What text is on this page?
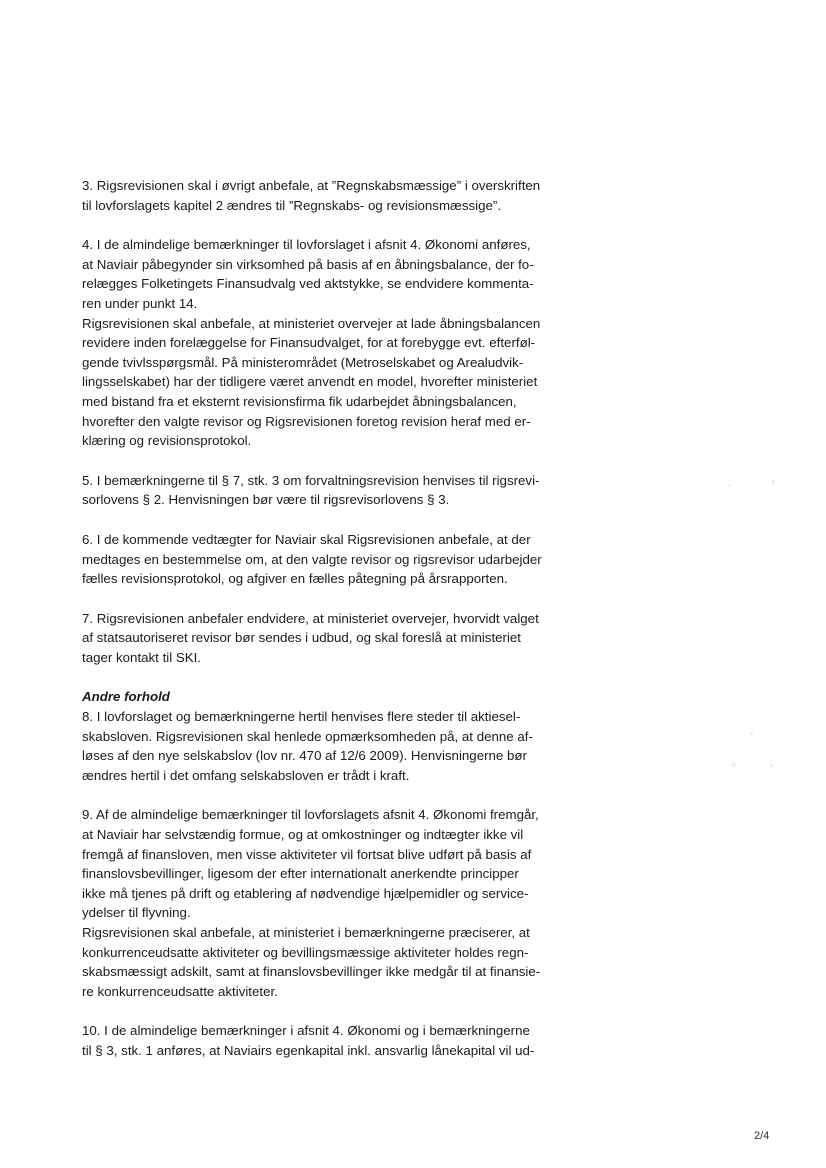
3. Rigsrevisionen skal i øvrigt anbefale, at ”Regnskabsmæssige” i overskriften
til lovforslagets kapitel 2 ændres til ”Regnskabs- og revisionsmæssige”.
4. I de almindelige bemærkninger til lovforslaget i afsnit 4. Økonomi anføres,
at Naviair påbegynder sin virksomhed på basis af en åbningsbalance, der fo-
relægges Folketingets Finansudvalg ved aktstykke, se endvidere kommenta-
ren under punkt 14.
Rigsrevisionen skal anbefale, at ministeriet overvejer at lade åbningsbalancen
revidere inden forelæggelse for Finansudvalget, for at forebygge evt. efterføl-
gende tvivlsspørgsmål. På ministerområdet (Metroselskabet og Arealudvik-
lingsselskabet) har der tidligere været anvendt en model, hvorefter ministeriet
med bistand fra et eksternt revisionsfirma fik udarbejdet åbningsbalancen,
hvorefter den valgte revisor og Rigsrevisionen foretog revision heraf med er-
klæring og revisionsprotokol.
5. I bemærkningerne til § 7, stk. 3 om forvaltningsrevision henvises til rigsrevi-
sorlovens § 2. Henvisningen bør være til rigsrevisorlovens § 3.
6. I de kommende vedtægter for Naviair skal Rigsrevisionen anbefale, at der
medtages en bestemmelse om, at den valgte revisor og rigsrevisor udarbejder
fælles revisionsprotokol, og afgiver en fælles påtegning på årsrapporten.
7. Rigsrevisionen anbefaler endvidere, at ministeriet overvejer, hvorvidt valget
af statsautoriseret revisor bør sendes i udbud, og skal foreslå at ministeriet
tager kontakt til SKI.
Andre forhold
8. I lovforslaget og bemærkningerne hertil henvises flere steder til aktiesel-
skabsloven. Rigsrevisionen skal henlede opmærksomheden på, at denne af-
løses af den nye selskabslov (lov nr. 470 af 12/6 2009). Henvisningerne bør
ændres hertil i det omfang selskabsloven er trådt i kraft.
9. Af de almindelige bemærkninger til lovforslagets afsnit 4. Økonomi fremgår,
at Naviair har selvstændig formue, og at omkostninger og indtægter ikke vil
fremgå af finansloven, men visse aktiviteter vil fortsat blive udført på basis af
finanslovsbevillinger, ligesom der efter internationalt anerkendte principper
ikke må tjenes på drift og etablering af nødvendige hjælpemidler og service-
ydelser til flyvning.
Rigsrevisionen skal anbefale, at ministeriet i bemærkningerne præciserer, at
konkurrenceudsatte aktiviteter og bevillingsmæssige aktiviteter holdes regn-
skabsmæssigt adskilt, samt at finanslovsbevillinger ikke medgår til at finansie-
re konkurrenceudsatte aktiviteter.
10. I de almindelige bemærkninger i afsnit 4. Økonomi og i bemærkningerne
til § 3, stk. 1 anføres, at Naviairs egenkapital inkl. ansvarlig lånekapital vil ud-
2/4
◦
·
◦
⁘	◦
